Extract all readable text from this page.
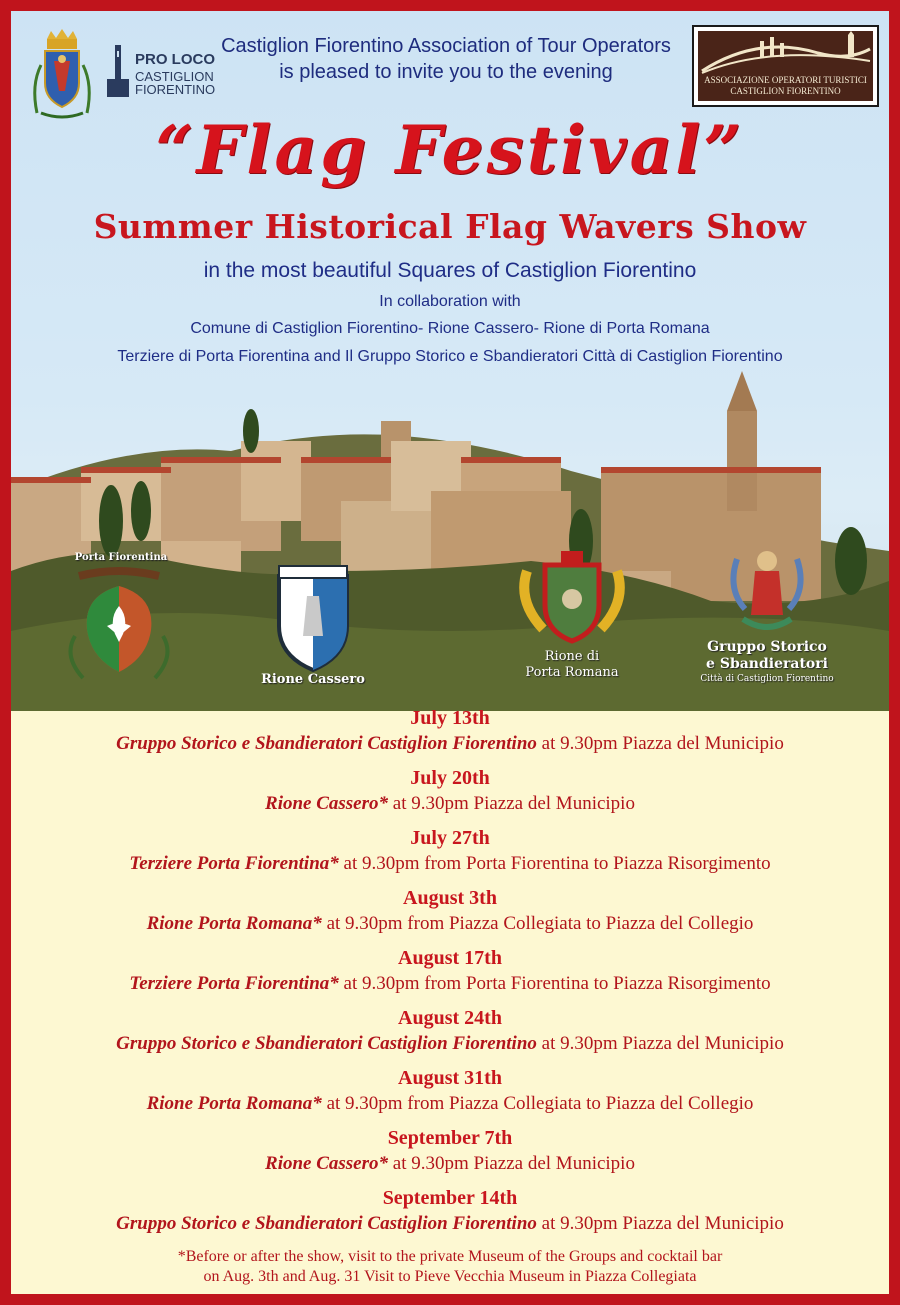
PRO LOCO
CASTIGLION
FIORENTINO
Castiglion Fiorentino Association of Tour Operators
is pleased to invite you to the evening	ASSOCIAZIONE OPERATORI TURISTICI
CASTIGLION FIORENTINO
“Flag Festival”
Summer Historical Flag Wavers Show
in the most beautiful Squares of Castiglion Fiorentino
In collaboration with
Comune di Castiglion Fiorentino- Rione Cassero- Rione di Porta Romana
Terziere di Porta Fiorentina and Il Gruppo Storico e Sbandieratori Città di Castiglion Fiorentino
Porta Fiorentina
Rione Cassero
Rione di
Porta Romana
Gruppo Storico
e Sbandieratori
Città di Castiglion Fiorentino
July 13th
Gruppo Storico e Sbandieratori Castiglion Fiorentino at 9.30pm Piazza del Municipio
July 20th
Rione Cassero* at 9.30pm Piazza del Municipio
July 27th
Terziere Porta Fiorentina* at 9.30pm from Porta Fiorentina to Piazza Risorgimento
August 3th
Rione Porta Romana* at 9.30pm from Piazza Collegiata to Piazza del Collegio
August 17th
Terziere Porta Fiorentina* at 9.30pm from Porta Fiorentina to Piazza Risorgimento
August 24th
Gruppo Storico e Sbandieratori Castiglion Fiorentino at 9.30pm Piazza del Municipio
August 31th
Rione Porta Romana* at 9.30pm from Piazza Collegiata to Piazza del Collegio
September 7th
Rione Cassero* at 9.30pm Piazza del Municipio
September 14th
Gruppo Storico e Sbandieratori Castiglion Fiorentino at 9.30pm Piazza del Municipio
*Before or after the show, visit to the private Museum of the Groups and cocktail bar
on Aug. 3th and Aug. 31 Visit to Pieve Vecchia Museum in Piazza Collegiata
